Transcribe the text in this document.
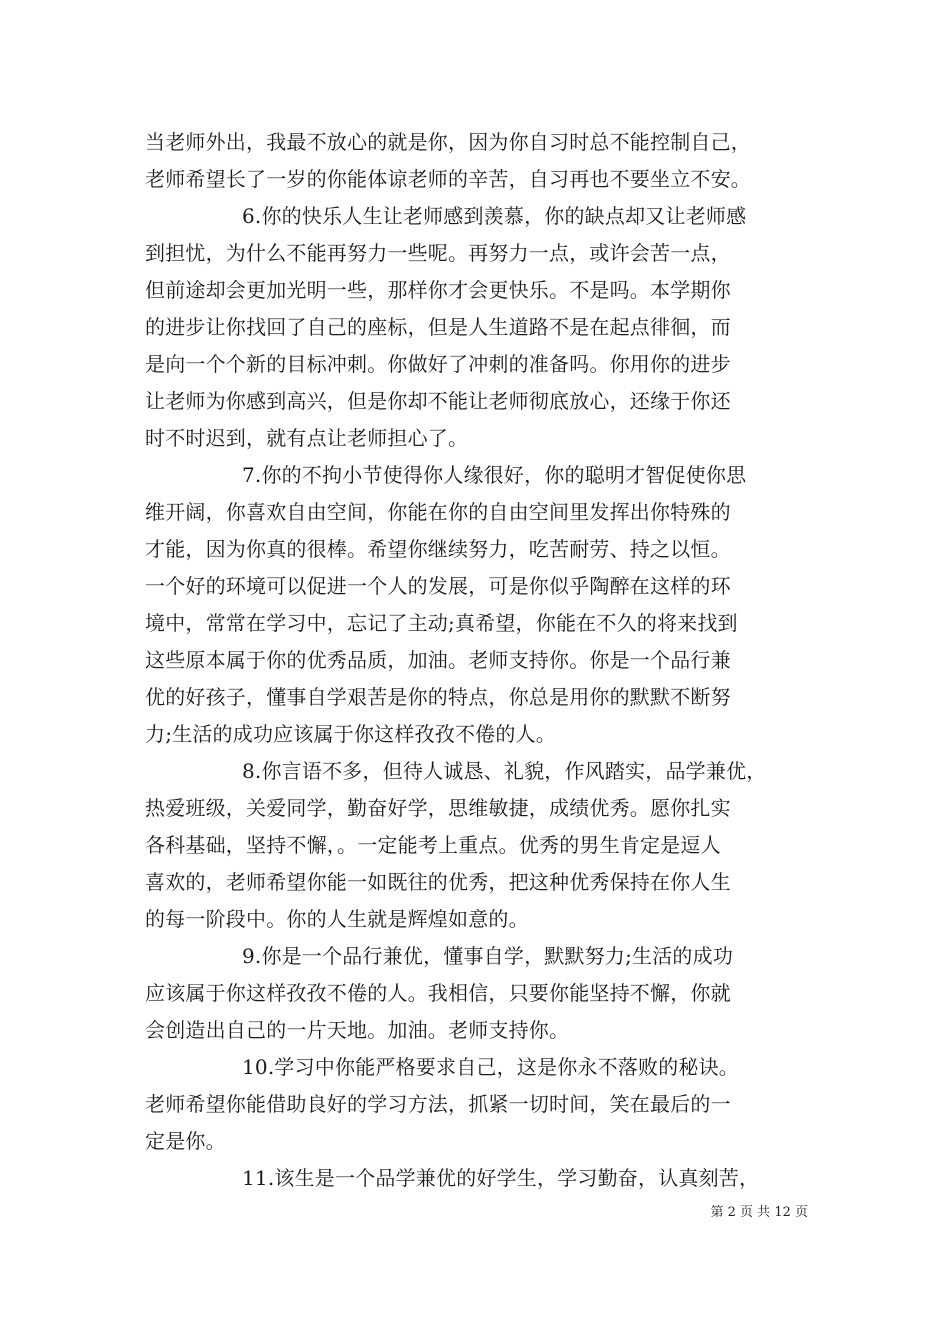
当老师外出，我最不放心的就是你，因为你自习时总不能控制自己，
老师希望长了一岁的你能体谅老师的辛苦，自习再也不要坐立不安。
6.你的快乐人生让老师感到羡慕，你的缺点却又让老师感
到担忧，为什么不能再努力一些呢。再努力一点，或许会苦一点，
但前途却会更加光明一些，那样你才会更快乐。不是吗。本学期你
的进步让你找回了自己的座标，但是人生道路不是在起点徘徊，而
是向一个个新的目标冲刺。你做好了冲刺的准备吗。你用你的进步
让老师为你感到高兴，但是你却不能让老师彻底放心，还缘于你还
时不时迟到，就有点让老师担心了。
7.你的不拘小节使得你人缘很好，你的聪明才智促使你思
维开阔，你喜欢自由空间，你能在你的自由空间里发挥出你特殊的
才能，因为你真的很棒。希望你继续努力，吃苦耐劳、持之以恒。
一个好的环境可以促进一个人的发展，可是你似乎陶醉在这样的环
境中，常常在学习中，忘记了主动;真希望，你能在不久的将来找到
这些原本属于你的优秀品质，加油。老师支持你。你是一个品行兼
优的好孩子，懂事自学艰苦是你的特点，你总是用你的默默不断努
力;生活的成功应该属于你这样孜孜不倦的人。
8.你言语不多，但待人诚恳、礼貌，作风踏实，品学兼优，
热爱班级，关爱同学，勤奋好学，思维敏捷，成绩优秀。愿你扎实
各科基础，坚持不懈，。一定能考上重点。优秀的男生肯定是逗人
喜欢的，老师希望你能一如既往的优秀，把这种优秀保持在你人生
的每一阶段中。你的人生就是辉煌如意的。
9.你是一个品行兼优，懂事自学，默默努力;生活的成功
应该属于你这样孜孜不倦的人。我相信，只要你能坚持不懈，你就
会创造出自己的一片天地。加油。老师支持你。
10.学习中你能严格要求自己，这是你永不落败的秘诀。
老师希望你能借助良好的学习方法，抓紧一切时间，笑在最后的一
定是你。
11.该生是一个品学兼优的好学生，学习勤奋，认真刻苦，
第 2 页 共 12 页
